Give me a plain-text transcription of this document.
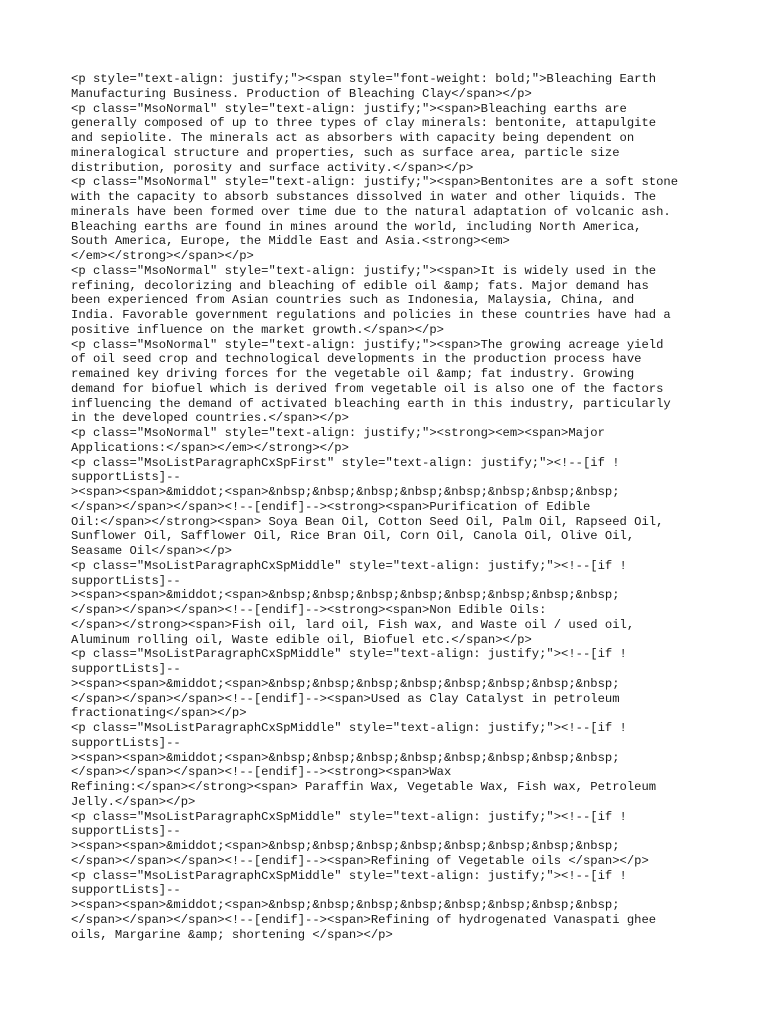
<p style="text-align: justify;"><span style="font-weight: bold;">Bleaching Earth
Manufacturing Business. Production of Bleaching Clay</span></p>
<p class="MsoNormal" style="text-align: justify;"><span>Bleaching earths are
generally composed of up to three types of clay minerals: bentonite, attapulgite
and sepiolite. The minerals act as absorbers with capacity being dependent on
mineralogical structure and properties, such as surface area, particle size
distribution, porosity and surface activity.</span></p>
<p class="MsoNormal" style="text-align: justify;"><span>Bentonites are a soft stone
with the capacity to absorb substances dissolved in water and other liquids. The
minerals have been formed over time due to the natural adaptation of volcanic ash.
Bleaching earths are found in mines around the world, including North America,
South America, Europe, the Middle East and Asia.<strong><em>
</em></strong></span></p>
<p class="MsoNormal" style="text-align: justify;"><span>It is widely used in the
refining, decolorizing and bleaching of edible oil &amp; fats. Major demand has
been experienced from Asian countries such as Indonesia, Malaysia, China, and
India. Favorable government regulations and policies in these countries have had a
positive influence on the market growth.</span></p>
<p class="MsoNormal" style="text-align: justify;"><span>The growing acreage yield
of oil seed crop and technological developments in the production process have
remained key driving forces for the vegetable oil &amp; fat industry. Growing
demand for biofuel which is derived from vegetable oil is also one of the factors
influencing the demand of activated bleaching earth in this industry, particularly
in the developed countries.</span></p>
<p class="MsoNormal" style="text-align: justify;"><strong><em><span>Major
Applications:</span></em></strong></p>
<p class="MsoListParagraphCxSpFirst" style="text-align: justify;"><!--[if !
supportLists]--
><span><span>&middot;<span>&nbsp;&nbsp;&nbsp;&nbsp;&nbsp;&nbsp;&nbsp;&nbsp;
</span></span></span><!--[endif]--><strong><span>Purification of Edible
Oil:</span></strong><span> Soya Bean Oil, Cotton Seed Oil, Palm Oil, Rapseed Oil,
Sunflower Oil, Safflower Oil, Rice Bran Oil, Corn Oil, Canola Oil, Olive Oil,
Seasame Oil</span></p>
<p class="MsoListParagraphCxSpMiddle" style="text-align: justify;"><!--[if !
supportLists]--
><span><span>&middot;<span>&nbsp;&nbsp;&nbsp;&nbsp;&nbsp;&nbsp;&nbsp;&nbsp;
</span></span></span><!--[endif]--><strong><span>Non Edible Oils:
</span></strong><span>Fish oil, lard oil, Fish wax, and Waste oil / used oil,
Aluminum rolling oil, Waste edible oil, Biofuel etc.</span></p>
<p class="MsoListParagraphCxSpMiddle" style="text-align: justify;"><!--[if !
supportLists]--
><span><span>&middot;<span>&nbsp;&nbsp;&nbsp;&nbsp;&nbsp;&nbsp;&nbsp;&nbsp;
</span></span></span><!--[endif]--><span>Used as Clay Catalyst in petroleum
fractionating</span></p>
<p class="MsoListParagraphCxSpMiddle" style="text-align: justify;"><!--[if !
supportLists]--
><span><span>&middot;<span>&nbsp;&nbsp;&nbsp;&nbsp;&nbsp;&nbsp;&nbsp;&nbsp;
</span></span></span><!--[endif]--><strong><span>Wax
Refining:</span></strong><span> Paraffin Wax, Vegetable Wax, Fish wax, Petroleum
Jelly.</span></p>
<p class="MsoListParagraphCxSpMiddle" style="text-align: justify;"><!--[if !
supportLists]--
><span><span>&middot;<span>&nbsp;&nbsp;&nbsp;&nbsp;&nbsp;&nbsp;&nbsp;&nbsp;
</span></span></span><!--[endif]--><span>Refining of Vegetable oils </span></p>
<p class="MsoListParagraphCxSpMiddle" style="text-align: justify;"><!--[if !
supportLists]--
><span><span>&middot;<span>&nbsp;&nbsp;&nbsp;&nbsp;&nbsp;&nbsp;&nbsp;&nbsp;
</span></span></span><!--[endif]--><span>Refining of hydrogenated Vanaspati ghee
oils, Margarine &amp; shortening </span></p>
